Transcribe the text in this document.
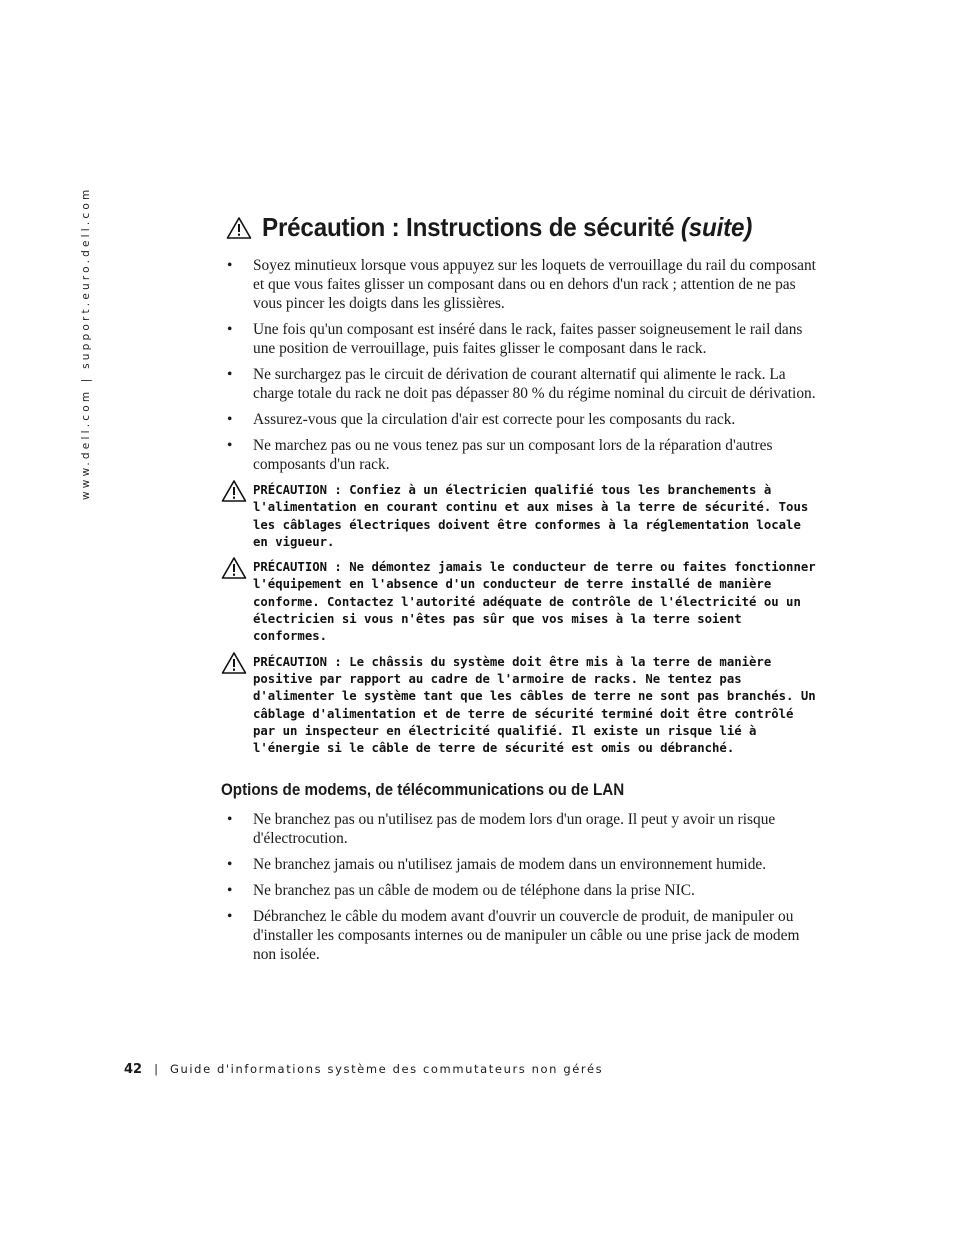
www.dell.com | support.euro.dell.com	Précaution : Instructions de sécurité (suite)
• Soyez minutieux lorsque vous appuyez sur les loquets de verrouillage du rail du composant et que vous faites glisser un composant dans ou en dehors d'un rack ; attention de ne pas vous pincer les doigts dans les glissières.
• Une fois qu'un composant est inséré dans le rack, faites passer soigneusement le rail dans une position de verrouillage, puis faites glisser le composant dans le rack.
• Ne surchargez pas le circuit de dérivation de courant alternatif qui alimente le rack. La charge totale du rack ne doit pas dépasser 80 % du régime nominal du circuit de dérivation.
• Assurez-vous que la circulation d'air est correcte pour les composants du rack.
• Ne marchez pas ou ne vous tenez pas sur un composant lors de la réparation d'autres composants d'un rack.
PRÉCAUTION : Confiez à un électricien qualifié tous les branchements à l'alimentation en courant continu et aux mises à la terre de sécurité. Tous les câblages électriques doivent être conformes à la réglementation locale en vigueur.
PRÉCAUTION : Ne démontez jamais le conducteur de terre ou faites fonctionner l'équipement en l'absence d'un conducteur de terre installé de manière conforme. Contactez l'autorité adéquate de contrôle de l'électricité ou un électricien si vous n'êtes pas sûr que vos mises à la terre soient conformes.
PRÉCAUTION : Le châssis du système doit être mis à la terre de manière positive par rapport au cadre de l'armoire de racks. Ne tentez pas d'alimenter le système tant que les câbles de terre ne sont pas branchés. Un câblage d'alimentation et de terre de sécurité terminé doit être contrôlé par un inspecteur en électricité qualifié. Il existe un risque lié à l'énergie si le câble de terre de sécurité est omis ou débranché.
Options de modems, de télécommunications ou de LAN
• Ne branchez pas ou n'utilisez pas de modem lors d'un orage. Il peut y avoir un risque d'électrocution.
• Ne branchez jamais ou n'utilisez jamais de modem dans un environnement humide.
• Ne branchez pas un câble de modem ou de téléphone dans la prise NIC.
• Débranchez le câble du modem avant d'ouvrir un couvercle de produit, de manipuler ou d'installer les composants internes ou de manipuler un câble ou une prise jack de modem non isolée.
42 | Guide d'informations système des commutateurs non gérés
